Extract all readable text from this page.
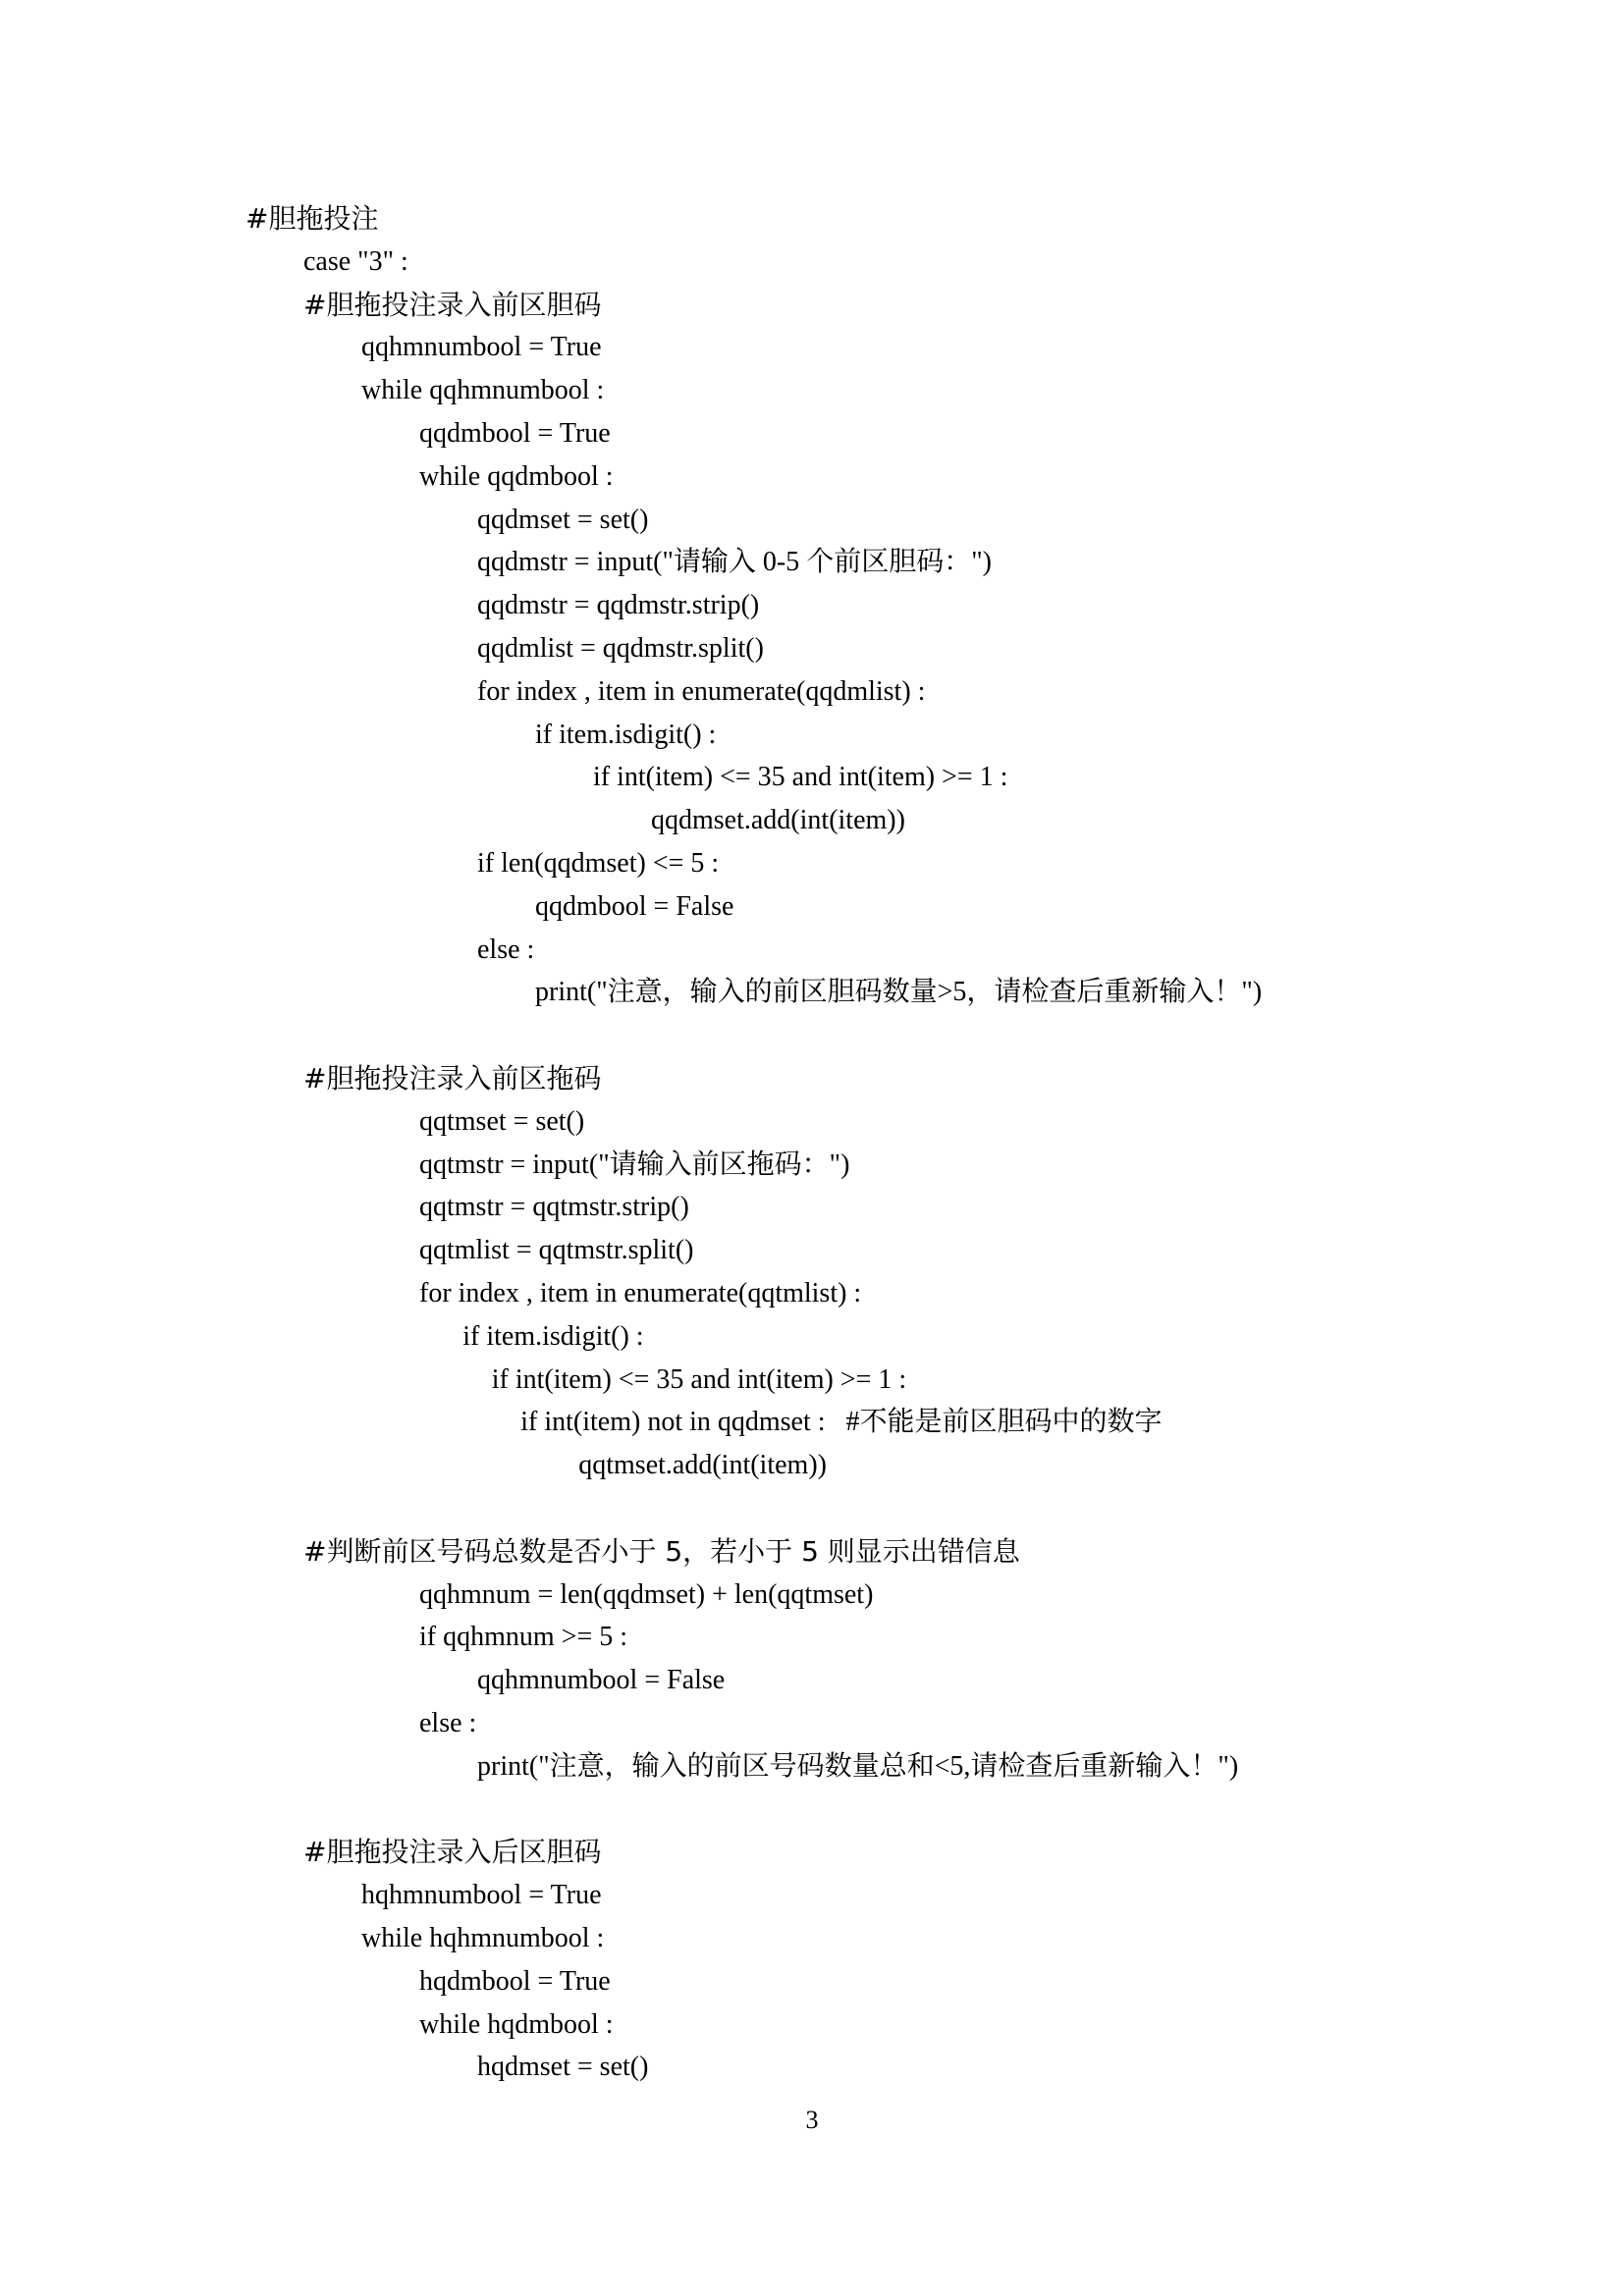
#胆拖投注
case "3" :
#胆拖投注录入前区胆码
qqhmnumbool = True
while qqhmnumbool :
qqdmbool = True
while qqdmbool :
qqdmset = set()
qqdmstr = input("请输入 0-5 个前区胆码：")
qqdmstr = qqdmstr.strip()
qqdmlist = qqdmstr.split()
for index , item in enumerate(qqdmlist) :
if item.isdigit() :
if int(item) <= 35 and int(item) >= 1 :
qqdmset.add(int(item))
if len(qqdmset) <= 5 :
qqdmbool = False
else :
print("注意，输入的前区胆码数量>5，请检查后重新输入！")
#胆拖投注录入前区拖码
qqtmset = set()
qqtmstr = input("请输入前区拖码：")
qqtmstr = qqtmstr.strip()
qqtmlist = qqtmstr.split()
for index , item in enumerate(qqtmlist) :
if item.isdigit() :
if int(item) <= 35 and int(item) >= 1 :
if int(item) not in qqdmset :   #不能是前区胆码中的数字
qqtmset.add(int(item))
#判断前区号码总数是否小于 5，若小于 5 则显示出错信息
qqhmnum = len(qqdmset) + len(qqtmset)
if qqhmnum >= 5 :
qqhmnumbool = False
else :
print("注意，输入的前区号码数量总和<5,请检查后重新输入！")
#胆拖投注录入后区胆码
hqhmnumbool = True
while hqhmnumbool :
hqdmbool = True
while hqdmbool :
hqdmset = set()
3
